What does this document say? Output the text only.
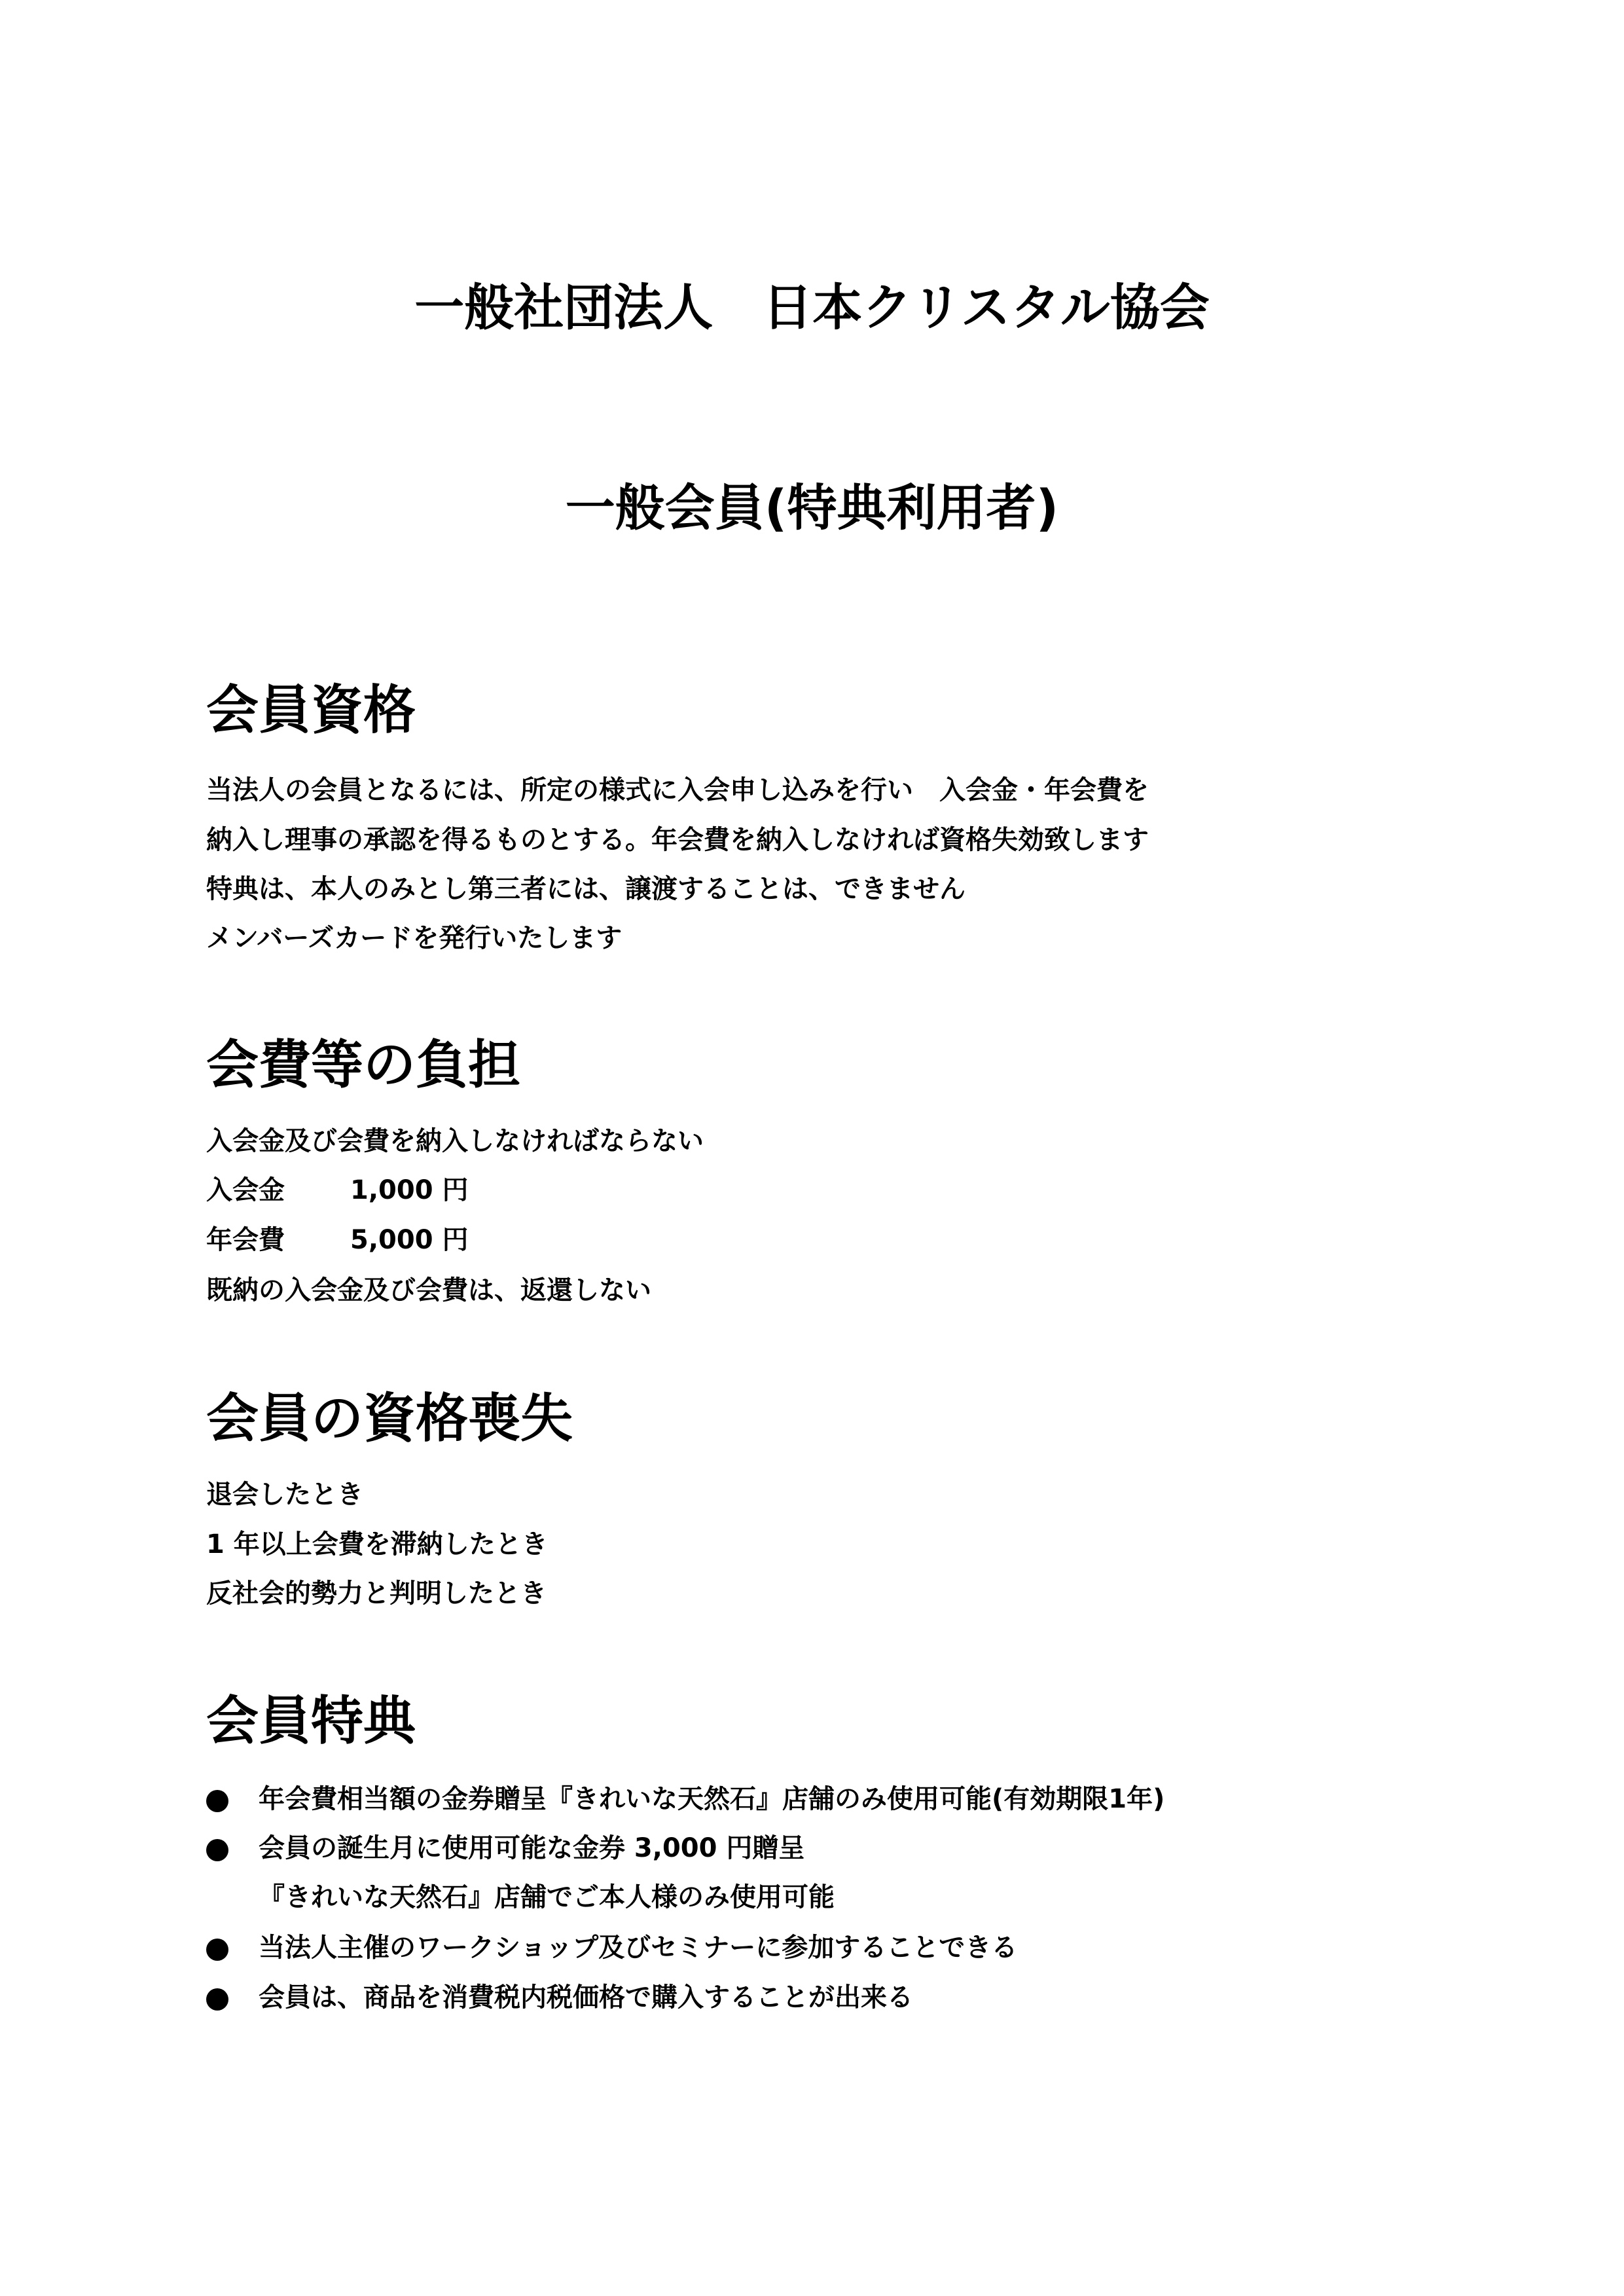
一般社団法人　日本クリスタル協会
一般会員(特典利用者)
会員資格
当法人の会員となるには、所定の様式に入会申し込みを行い　入会金・年会費を
納入し理事の承認を得るものとする。年会費を納入しなければ資格失効致します
特典は、本人のみとし第三者には、譲渡することは、できません
メンバーズカードを発行いたします
会費等の負担
入会金及び会費を納入しなければならない
入会金	1,000 円
年会費	5,000 円
既納の入会金及び会費は、返還しない
会員の資格喪失
退会したとき
1 年以上会費を滞納したとき
反社会的勢力と判明したとき
会員特典
年会費相当額の金券贈呈『きれいな天然石』店舗のみ使用可能(有効期限1年)
会員の誕生月に使用可能な金券 3,000 円贈呈
『きれいな天然石』店舗でご本人様のみ使用可能
当法人主催のワークショップ及びセミナーに参加することできる
会員は、商品を消費税内税価格で購入することが出来る
